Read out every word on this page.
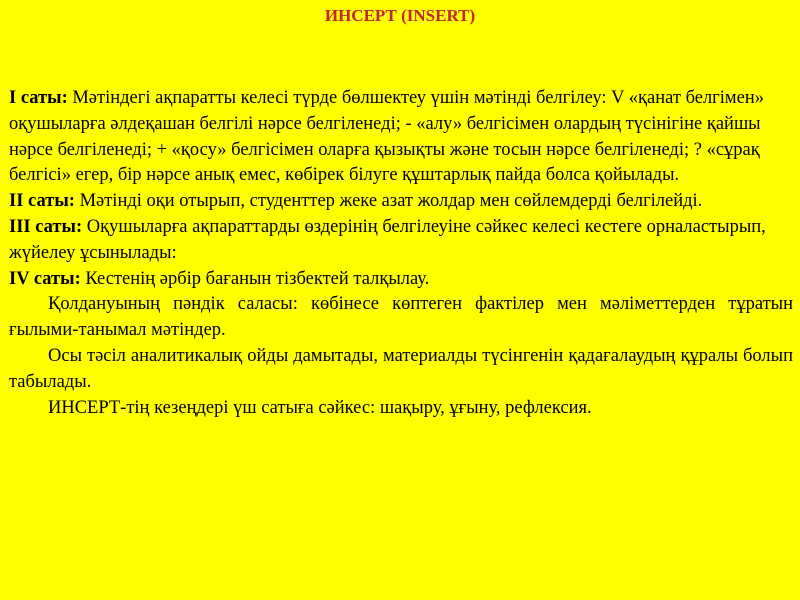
ИНСЕРТ (INSERT)

I саты: Мәтіндегі ақпаратты келесі түрде бөлшектеу үшін мәтінді белгілеу: V «қанат белгімен» оқушыларға әлдеқашан белгілі нәрсе белгіленеді; - «алу» белгісімен олардың түсінігіне қайшы нәрсе белгіленеді; + «қосу» белгісімен оларға қызықты және тосын нәрсе белгіленеді; ? «сұрақ белгісі» егер, бір нәрсе анық емес, көбірек білуге құштарлық пайда болса қойылады.

II саты: Мәтінді оқи отырып, студенттер жеке азат жолдар мен сөйлемдерді белгілейді.

III саты: Оқушыларға ақпараттарды өздерінің белгілеуіне сәйкес келесі кестеге орналастырып, жүйелеу ұсынылады:

IV саты: Кестенің әрбір бағанын тізбектей талқылау.

Қолдануының пәндік саласы: көбінесе көптеген фактілер мен мәліметтерден тұратын ғылыми-танымал мәтіндер.

Осы тәсіл аналитикалық ойды дамытады, материалды түсінгенін қадағалаудың құралы болып табылады.

ИНСЕРТ-тің кезеңдері үш сатыға сәйкес: шақыру, ұғыну, рефлексия.
